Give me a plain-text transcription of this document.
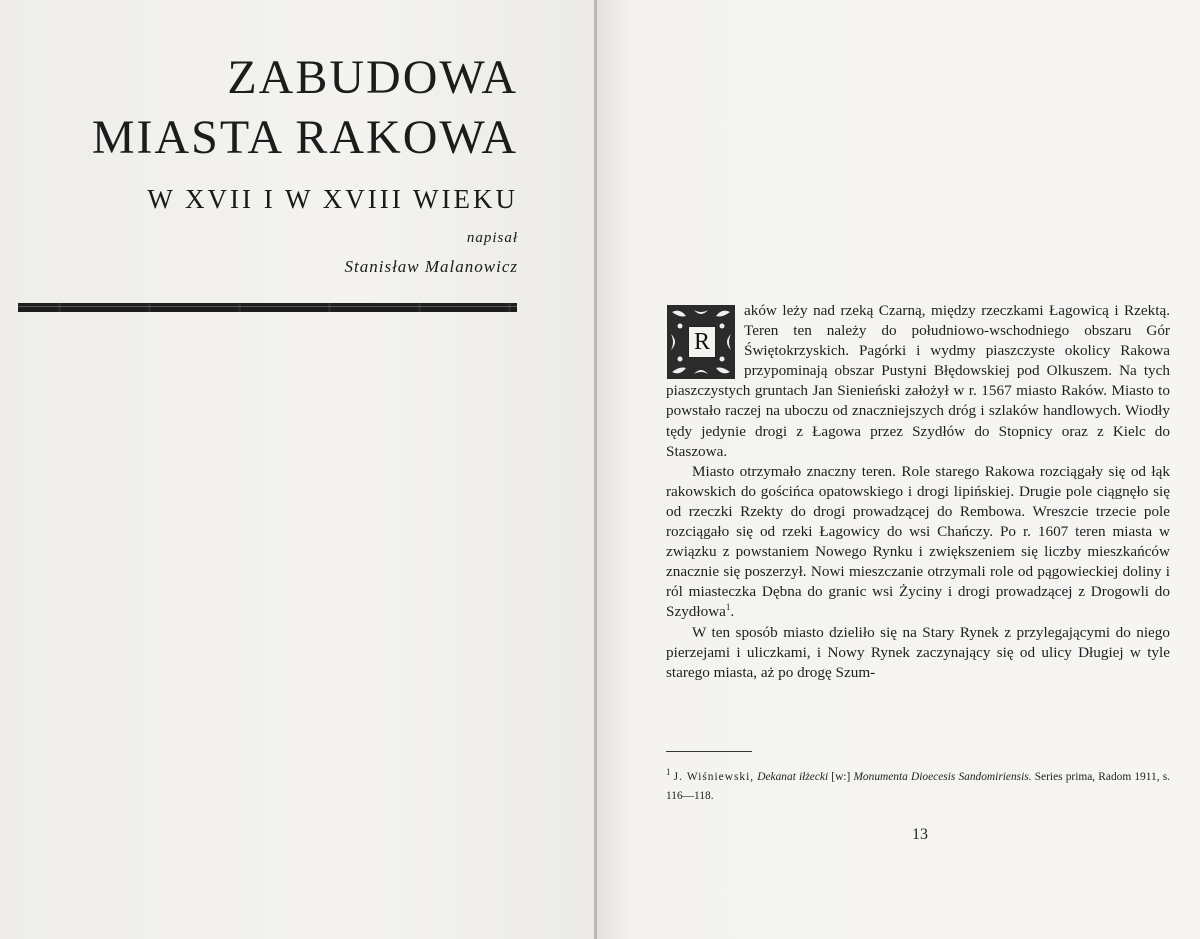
ZABUDOWA
MIASTA RAKOWA
W XVII I W XVIII WIEKU
napisał
Stanisław Malanowicz

R
aków leży nad rzeką Czarną, między rzeczkami Łagowicą i Rzektą. Teren ten należy do południowo-wschodniego obszaru Gór Świętokrzyskich. Pagórki i wydmy piaszczyste okolicy Rakowa przypominają obszar Pustyni Błędowskiej pod Olkuszem. Na tych piaszczystych gruntach Jan Sienieński założył w r. 1567 miasto Raków. Miasto to powstało raczej na uboczu od znaczniejszych dróg i szlaków handlowych. Wiodły tędy jedynie drogi z Łagowa przez Szydłów do Stopnicy oraz z Kielc do Staszowa.

Miasto otrzymało znaczny teren. Role starego Rakowa rozciągały się od łąk rakowskich do gościńca opatowskiego i drogi lipińskiej. Drugie pole ciągnęło się od rzeczki Rzekty do drogi prowadzącej do Rembowa. Wreszcie trzecie pole rozciągało się od rzeki Łagowicy do wsi Chańczy. Po r. 1607 teren miasta w związku z powstaniem Nowego Rynku i zwiększeniem się liczby mieszkańców znacznie się poszerzył. Nowi mieszczanie otrzymali role od pągowieckiej doliny i ról miasteczka Dębna do granic wsi Życiny i drogi prowadzącej z Drogowli do Szydłowa$^1$.

W ten sposób miasto dzieliło się na Stary Rynek z przylegającymi do niego pierzejami i uliczkami, i Nowy Rynek zaczynający się od ulicy Długiej w tyle starego miasta, aż po drogę Szum-

$^1$ J. Wiśniewski, Dekanat iłżecki [w:] Monumenta Dioecesis Sandomiriensis. Series prima, Radom 1911, s. 116—118.
13
